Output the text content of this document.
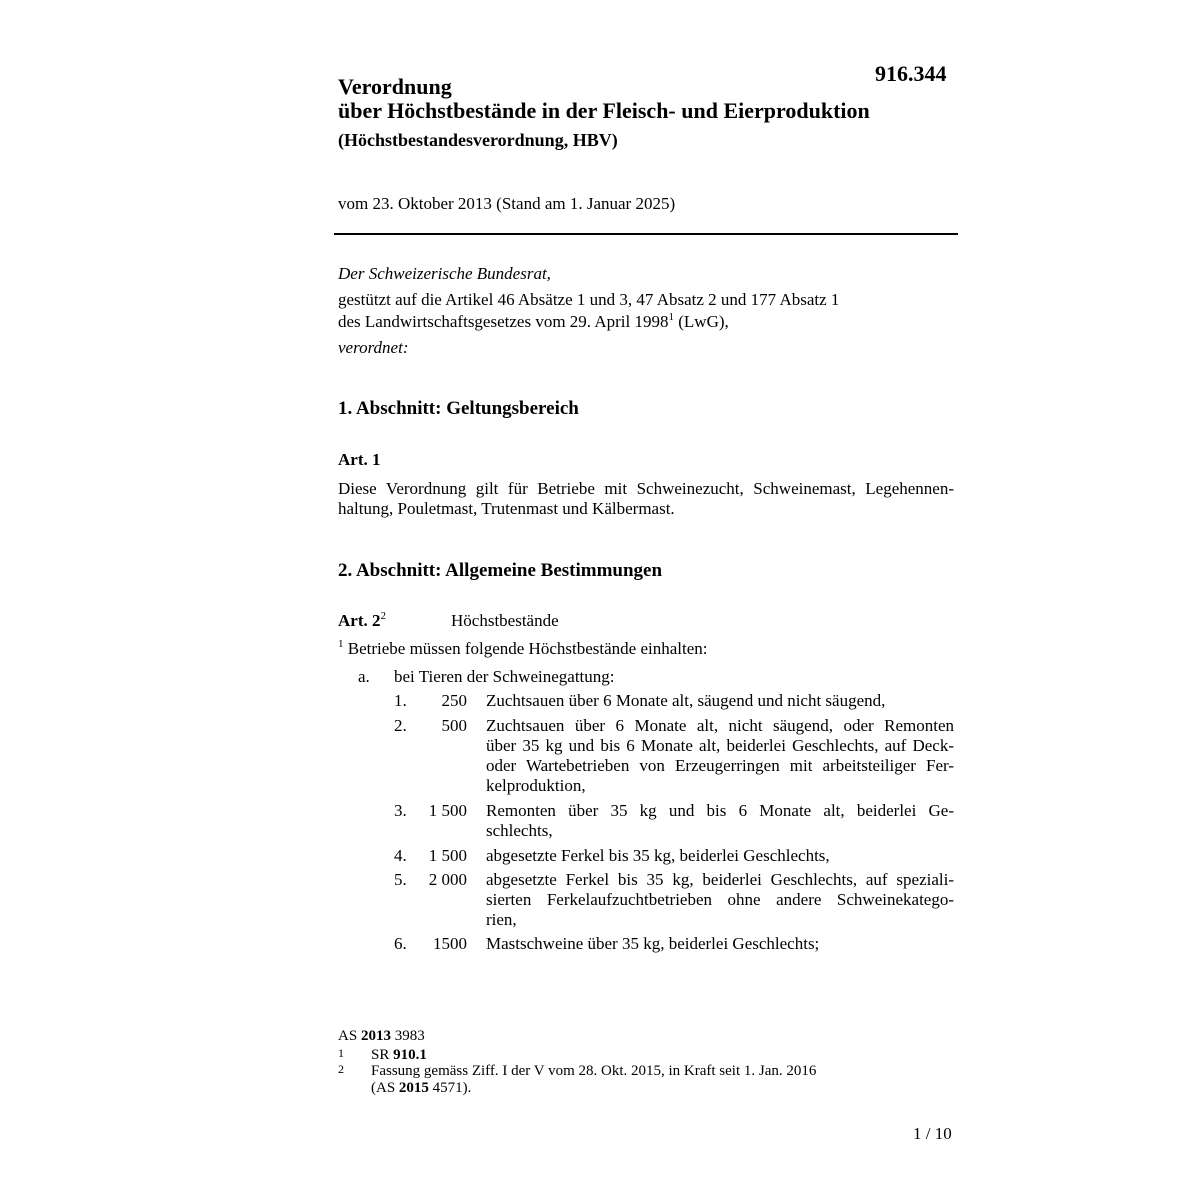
916.344
Verordnung
über Höchstbestände in der Fleisch- und Eierproduktion
(Höchstbestandesverordnung, HBV)
vom 23. Oktober 2013 (Stand am 1. Januar 2025)
Der Schweizerische Bundesrat,
gestützt auf die Artikel 46 Absätze 1 und 3, 47 Absatz 2 und 177 Absatz 1
des Landwirtschaftsgesetzes vom 29. April 1998$^1$ (LwG),
verordnet:
1. Abschnitt: Geltungsbereich
Art. 1
Diese Verordnung gilt für Betriebe mit Schweinezucht, Schweinemast, Legehennen-
haltung, Pouletmast, Trutenmast und Kälbermast.
2. Abschnitt: Allgemeine Bestimmungen
Art. $2^2$	Höchstbestände
$^1$ Betriebe müssen folgende Höchstbestände einhalten:
a. bei Tieren der Schweinegattung:
1.	250 Zuchtsauen über 6 Monate alt, säugend und nicht säugend,
2.	500 Zuchtsauen über 6 Monate alt, nicht säugend, oder Remonten
über 35 kg und bis 6 Monate alt, beiderlei Geschlechts, auf Deck-
oder Wartebetrieben von Erzeugerringen mit arbeitsteiliger Fer-
kelproduktion,
3.	1 500 Remonten über 35 kg und bis 6 Monate alt, beiderlei Ge-
schlechts,
4.	1 500 abgesetzte Ferkel bis 35 kg, beiderlei Geschlechts,
5.	2 000 abgesetzte Ferkel bis 35 kg, beiderlei Geschlechts, auf speziali-
sierten Ferkelaufzuchtbetrieben ohne andere Schweinekatego-
rien,
6.	1500 Mastschweine über 35 kg, beiderlei Geschlechts;
AS 2013 3983
1 SR 910.1
2 Fassung gemäss Ziff. I der V vom 28. Okt. 2015, in Kraft seit 1. Jan. 2016
(AS 2015 4571).
1 / 10
